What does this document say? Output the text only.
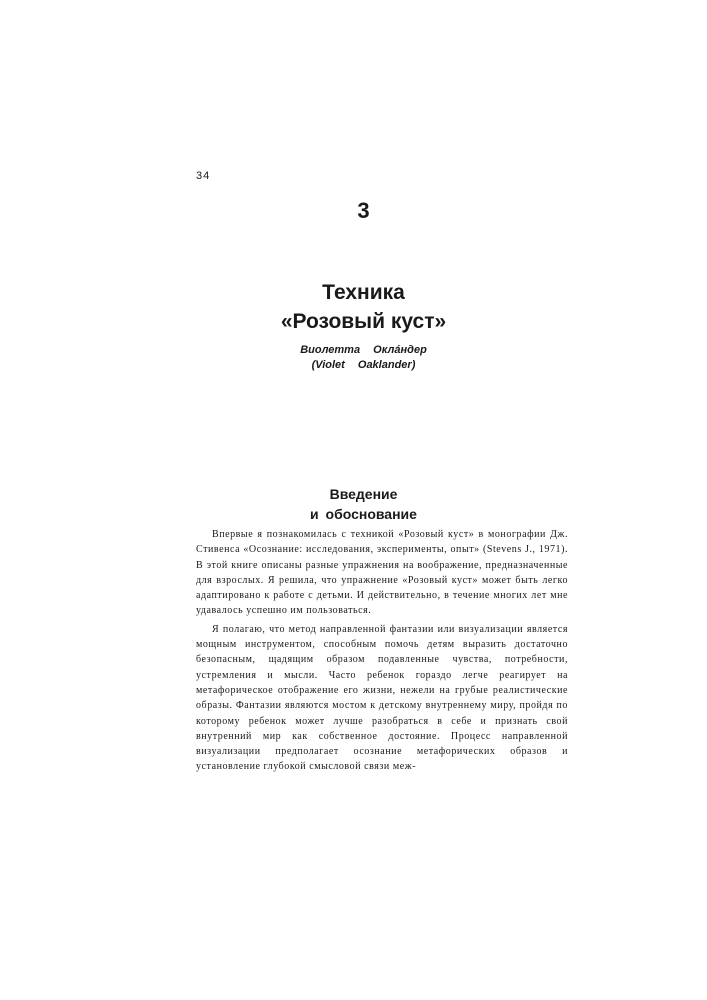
34
3
Техника
«Розовый куст»
Виолетта Оклáндер
(Violet Oaklander)
Введение
и обоснование

Впервые я познакомилась с техникой «Розовый куст» в монографии Дж. Стивенса «Осознание: исследования, эксперименты, опыт» (Stevens J., 1971). В этой книге описаны разные упражнения на воображение, предназначенные для взрослых. Я решила, что упражнение «Розовый куст» может быть легко адаптировано к работе с детьми. И действительно, в течение многих лет мне удавалось успешно им пользоваться.

Я полагаю, что метод направленной фантазии или визуализации является мощным инструментом, способным помочь детям выразить достаточно безопасным, щадящим образом подавленные чувства, потребности, устремления и мысли. Часто ребенок гораздо легче реагирует на метафорическое отображение его жизни, нежели на грубые реалистические образы. Фантазии являются мостом к детскому внутреннему миру, пройдя по которому ребенок может лучше разобраться в себе и признать свой внутренний мир как собственное достояние. Процесс направленной визуализации предполагает осознание метафорических образов и установление глубокой смысловой связи меж-
